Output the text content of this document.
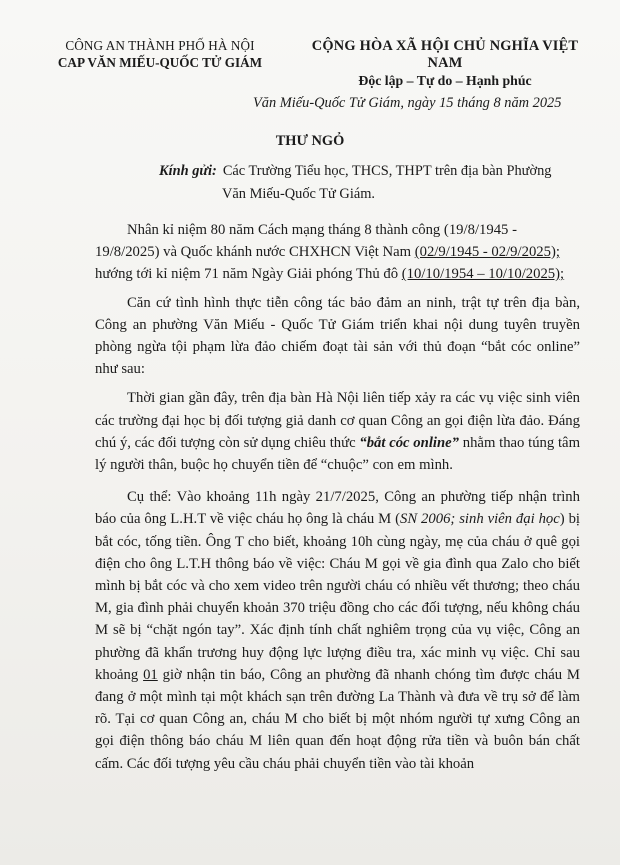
CÔNG AN THÀNH PHỐ HÀ NỘI
CAP VĂN MIẾU-QUỐC TỬ GIÁM
CỘNG HÒA XÃ HỘI CHỦ NGHĨA VIỆT NAM
Độc lập – Tự do – Hạnh phúc
Văn Miếu-Quốc Tử Giám, ngày 15 tháng 8 năm 2025
THƯ NGỎ
Kính gửi: Các Trường Tiểu học, THCS, THPT trên địa bàn Phường
Văn Miếu-Quốc Tử Giám.

Nhân kỉ niệm 80 năm Cách mạng tháng 8 thành công (19/8/1945 -
19/8/2025) và Quốc khánh nước CHXHCN Việt Nam (02/9/1945 - 02/9/2025);
hướng tới kỉ niệm 71 năm Ngày Giải phóng Thủ đô (10/10/1954 – 10/10/2025);

Căn cứ tình hình thực tiễn công tác bảo đảm an ninh, trật tự trên địa bàn, Công an phường Văn Miếu - Quốc Tử Giám triển khai nội dung tuyên truyền phòng ngừa tội phạm lừa đảo chiếm đoạt tài sản với thủ đoạn “bắt cóc online” như sau:

Thời gian gần đây, trên địa bàn Hà Nội liên tiếp xảy ra các vụ việc sinh viên các trường đại học bị đối tượng giả danh cơ quan Công an gọi điện lừa đảo. Đáng chú ý, các đối tượng còn sử dụng chiêu thức “bắt cóc online” nhằm thao túng tâm lý người thân, buộc họ chuyển tiền để “chuộc” con em mình.

Cụ thể: Vào khoảng 11h ngày 21/7/2025, Công an phường tiếp nhận trình báo của ông L.H.T về việc cháu họ ông là cháu M (SN 2006; sinh viên đại học) bị bắt cóc, tống tiền. Ông T cho biết, khoảng 10h cùng ngày, mẹ của cháu ở quê gọi điện cho ông L.T.H thông báo về việc: Cháu M gọi về gia đình qua Zalo cho biết mình bị bắt cóc và cho xem video trên người cháu có nhiều vết thương; theo cháu M, gia đình phải chuyển khoản 370 triệu đồng cho các đối tượng, nếu không cháu M sẽ bị “chặt ngón tay”. Xác định tính chất nghiêm trọng của vụ việc, Công an phường đã khẩn trương huy động lực lượng điều tra, xác minh vụ việc. Chỉ sau khoảng 01 giờ nhận tin báo, Công an phường đã nhanh chóng tìm được cháu M đang ở một mình tại một khách sạn trên đường La Thành và đưa về trụ sở để làm rõ. Tại cơ quan Công an, cháu M cho biết bị một nhóm người tự xưng Công an gọi điện thông báo cháu M liên quan đến hoạt động rửa tiền và buôn bán chất cấm. Các đối tượng yêu cầu cháu phải chuyển tiền vào tài khoản
